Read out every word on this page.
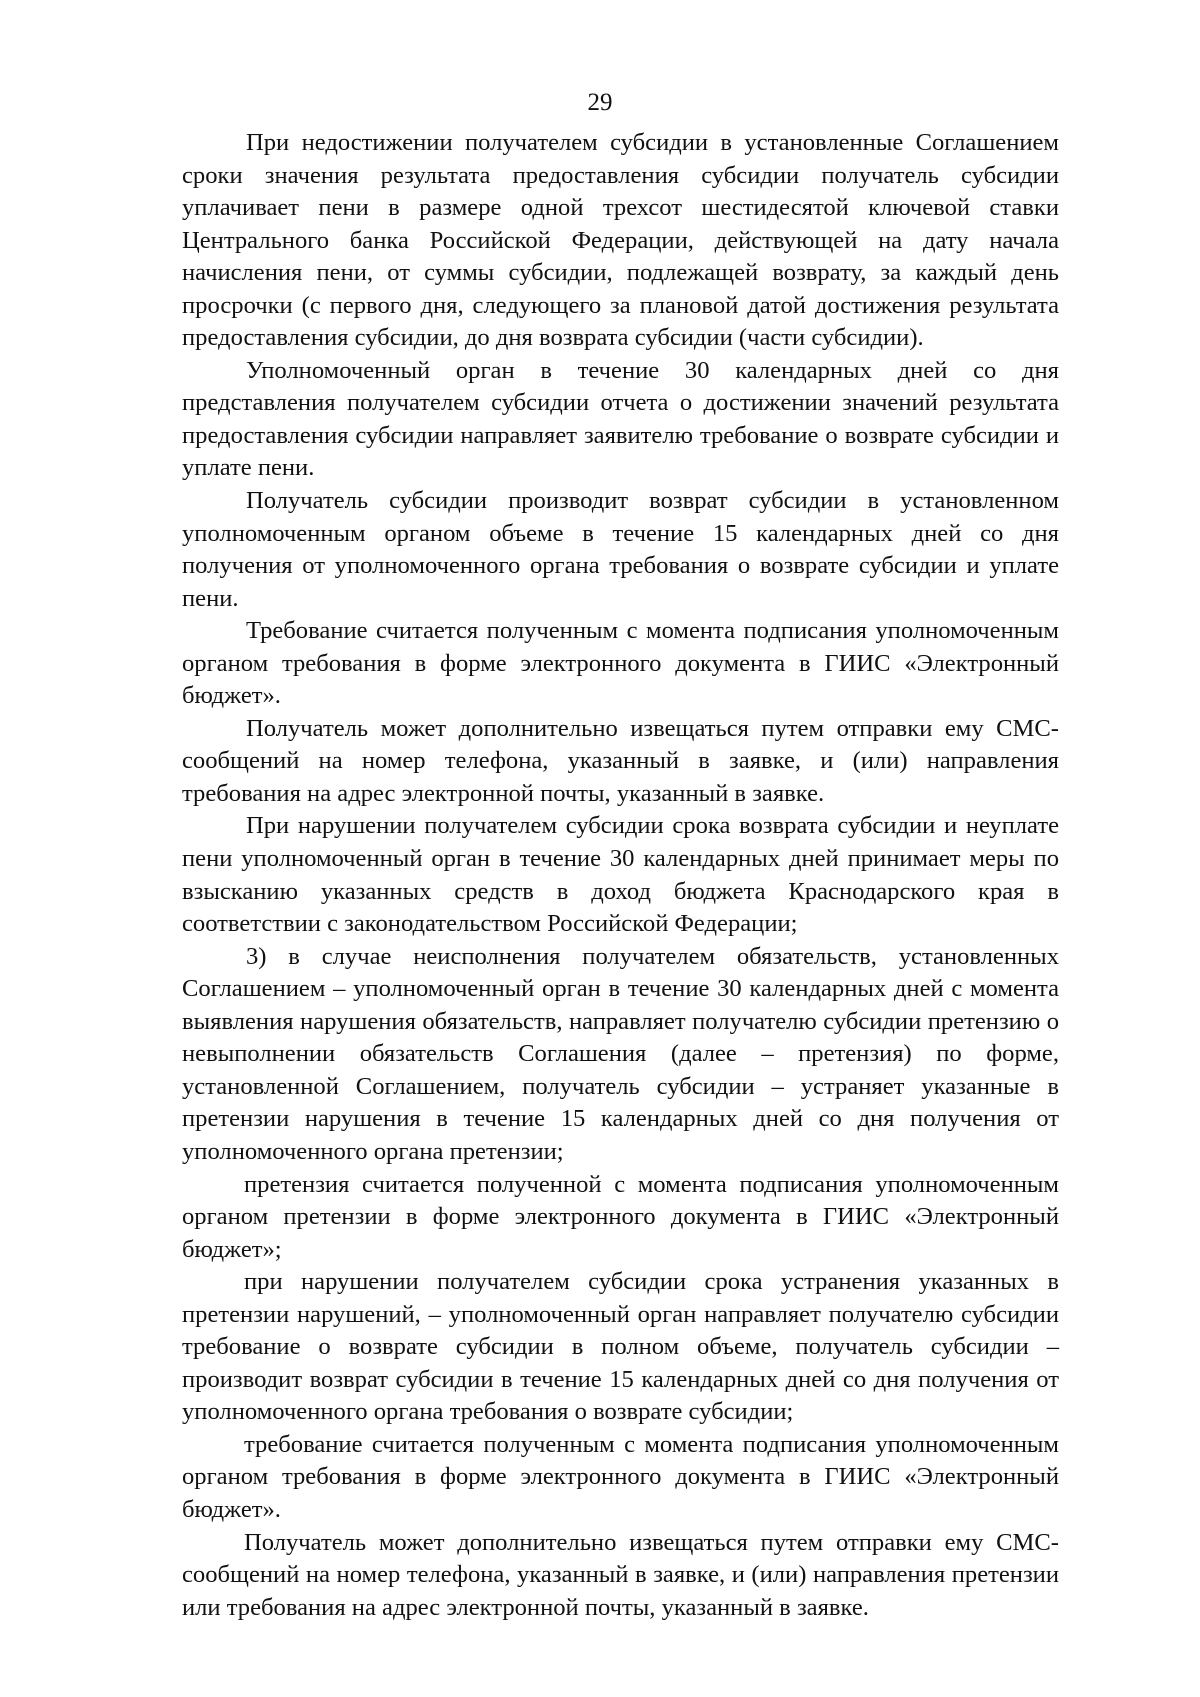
29

При недостижении получателем субсидии в установленные Соглашением сроки значения результата предоставления субсидии получатель субсидии уплачивает пени в размере одной трехсот шестидесятой ключевой ставки Центрального банка Российской Федерации, действующей на дату начала начисления пени, от суммы субсидии, подлежащей возврату, за каждый день просрочки (с первого дня, следующего за плановой датой достижения результата предоставления субсидии, до дня возврата субсидии (части субсидии).

Уполномоченный орган в течение 30 календарных дней со дня представления получателем субсидии отчета о достижении значений результата предоставления субсидии направляет заявителю требование о возврате субсидии и уплате пени.

Получатель субсидии производит возврат субсидии в установленном уполномоченным органом объеме в течение 15 календарных дней со дня получения от уполномоченного органа требования о возврате субсидии и уплате пени.

Требование считается полученным с момента подписания уполномоченным органом требования в форме электронного документа в ГИИС «Электронный бюджет».

Получатель может дополнительно извещаться путем отправки ему СМС-сообщений на номер телефона, указанный в заявке, и (или) направления требования на адрес электронной почты, указанный в заявке.

При нарушении получателем субсидии срока возврата субсидии и неуплате пени уполномоченный орган в течение 30 календарных дней принимает меры по взысканию указанных средств в доход бюджета Краснодарского края в соответствии с законодательством Российской Федерации;

3) в случае неисполнения получателем обязательств, установленных Соглашением – уполномоченный орган в течение 30 календарных дней с момента выявления нарушения обязательств, направляет получателю субсидии претензию о невыполнении обязательств Соглашения (далее – претензия) по форме, установленной Соглашением, получатель субсидии – устраняет указанные в претензии нарушения в течение 15 календарных дней со дня получения от уполномоченного органа претензии;

претензия считается полученной с момента подписания уполномоченным органом претензии в форме электронного документа в ГИИС «Электронный бюджет»;

при нарушении получателем субсидии срока устранения указанных в претензии нарушений, – уполномоченный орган направляет получателю субсидии требование о возврате субсидии в полном объеме, получатель субсидии – производит возврат субсидии в течение 15 календарных дней со дня получения от уполномоченного органа требования о возврате субсидии;

требование считается полученным с момента подписания уполномоченным органом требования в форме электронного документа в ГИИС «Электронный бюджет».

Получатель может дополнительно извещаться путем отправки ему СМС-сообщений на номер телефона, указанный в заявке, и (или) направления претензии или требования на адрес электронной почты, указанный в заявке.
